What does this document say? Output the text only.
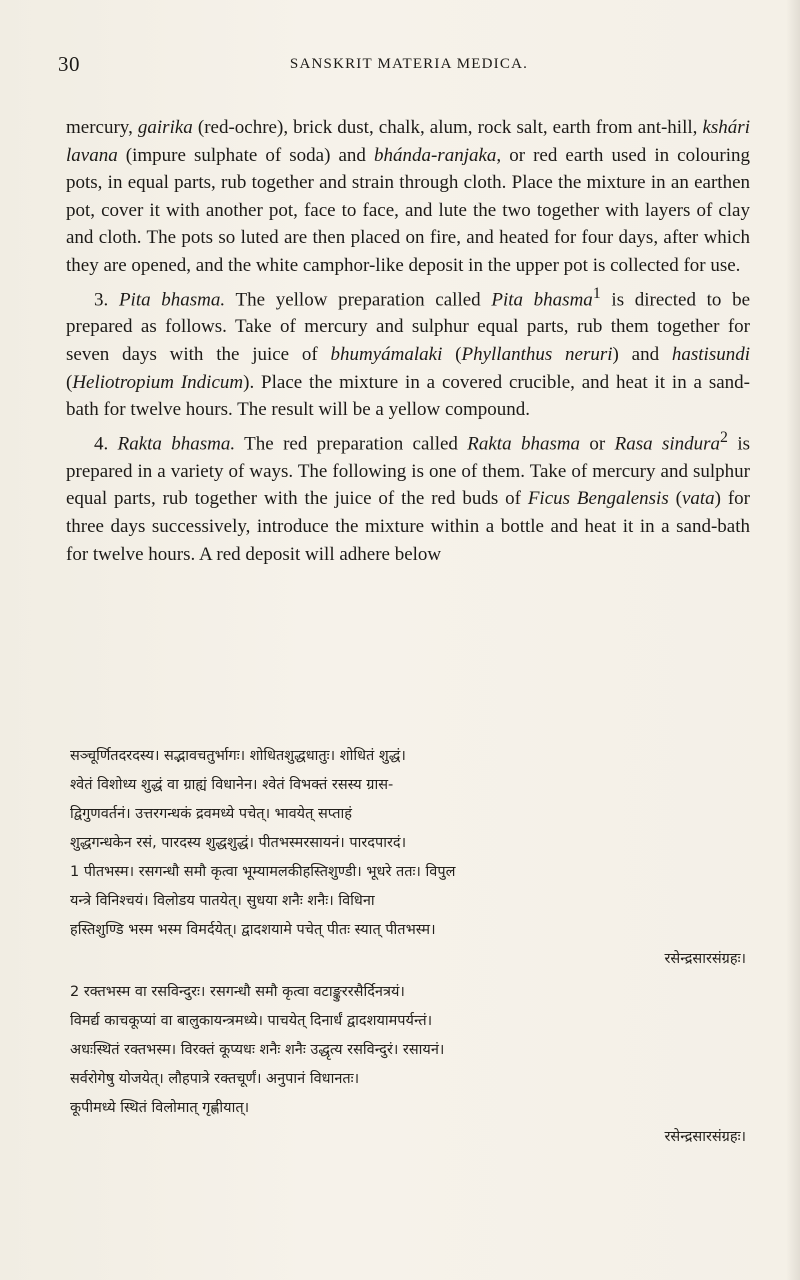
30	SANSKRIT MATERIA MEDICA.

mercury, gairika (red-ochre), brick dust, chalk, alum, rock salt, earth from ant-hill, kshári lavana (impure sulphate of soda) and bhánda-ranjaka, or red earth used in colouring pots, in equal parts, rub together and strain through cloth. Place the mixture in an earthen pot, cover it with another pot, face to face, and lute the two together with layers of clay and cloth. The pots so luted are then placed on fire, and heated for four days, after which they are opened, and the white camphor-like deposit in the upper pot is collected for use.

3. Pita bhasma. The yellow preparation called Pita bhasma$^1$ is directed to be prepared as follows. Take of mercury and sulphur equal parts, rub them together for seven days with the juice of bhumyámalaki (Phyllanthus neruri) and hastisundi (Heliotropium Indicum). Place the mixture in a covered crucible, and heat it in a sand-bath for twelve hours. The result will be a yellow compound.

4. Rakta bhasma. The red preparation called Rakta bhasma or Rasa sindura$^2$ is prepared in a variety of ways. The following is one of them. Take of mercury and sulphur equal parts, rub together with the juice of the red buds of Ficus Bengalensis (vata) for three days successively, introduce the mixture within a bottle and heat it in a sand-bath for twelve hours. A red deposit will adhere below

सञ्चूर्णितदरदस्य। सद्भावचतुर्भागः। शोधितशुद्धधातुः। शोधितं शुद्धं।

श्वेतं विशोध्य शुद्धं वा ग्राह्यं विधानेन। श्वेतं विभक्तं रसस्य ग्रास-

द्विगुणवर्तनं। उत्तरगन्धकं द्रवमध्ये पचेत्। भावयेत् सप्ताहं

शुद्धगन्धकेन रसं, पारदस्य शुद्धशुद्धं। पीतभस्मरसायनं। पारदपारदं।

1 पीतभस्म। रसगन्धौ समौ कृत्वा भूम्यामलकीहस्तिशुण्डी। भूधरे ततः। विपुल

यन्त्रे विनिश्चयं। विलोडय पातयेत्। सुधया शनैः शनैः। विधिना

हस्तिशुण्डि भस्म भस्म विमर्दयेत्। द्वादशयामे पचेत् पीतः स्यात् पीतभस्म।

रसेन्द्रसारसंग्रहः।

2 रक्तभस्म वा रसविन्दुरः। रसगन्धौ समौ कृत्वा वटाङ्कुररसैर्दिनत्रयं।

विमर्द्य काचकूप्यां वा बालुकायन्त्रमध्ये। पाचयेत् दिनार्धं द्वादशयामपर्यन्तं।

अधःस्थितं रक्तभस्म। विरक्तं कूप्यधः शनैः शनैः उद्धृत्य रसविन्दुरं। रसायनं।

सर्वरोगेषु योजयेत्। लौहपात्रे रक्तचूर्णं। अनुपानं विधानतः।

कूपीमध्ये स्थितं विलोमात् गृह्णीयात्।

रसेन्द्रसारसंग्रहः।
